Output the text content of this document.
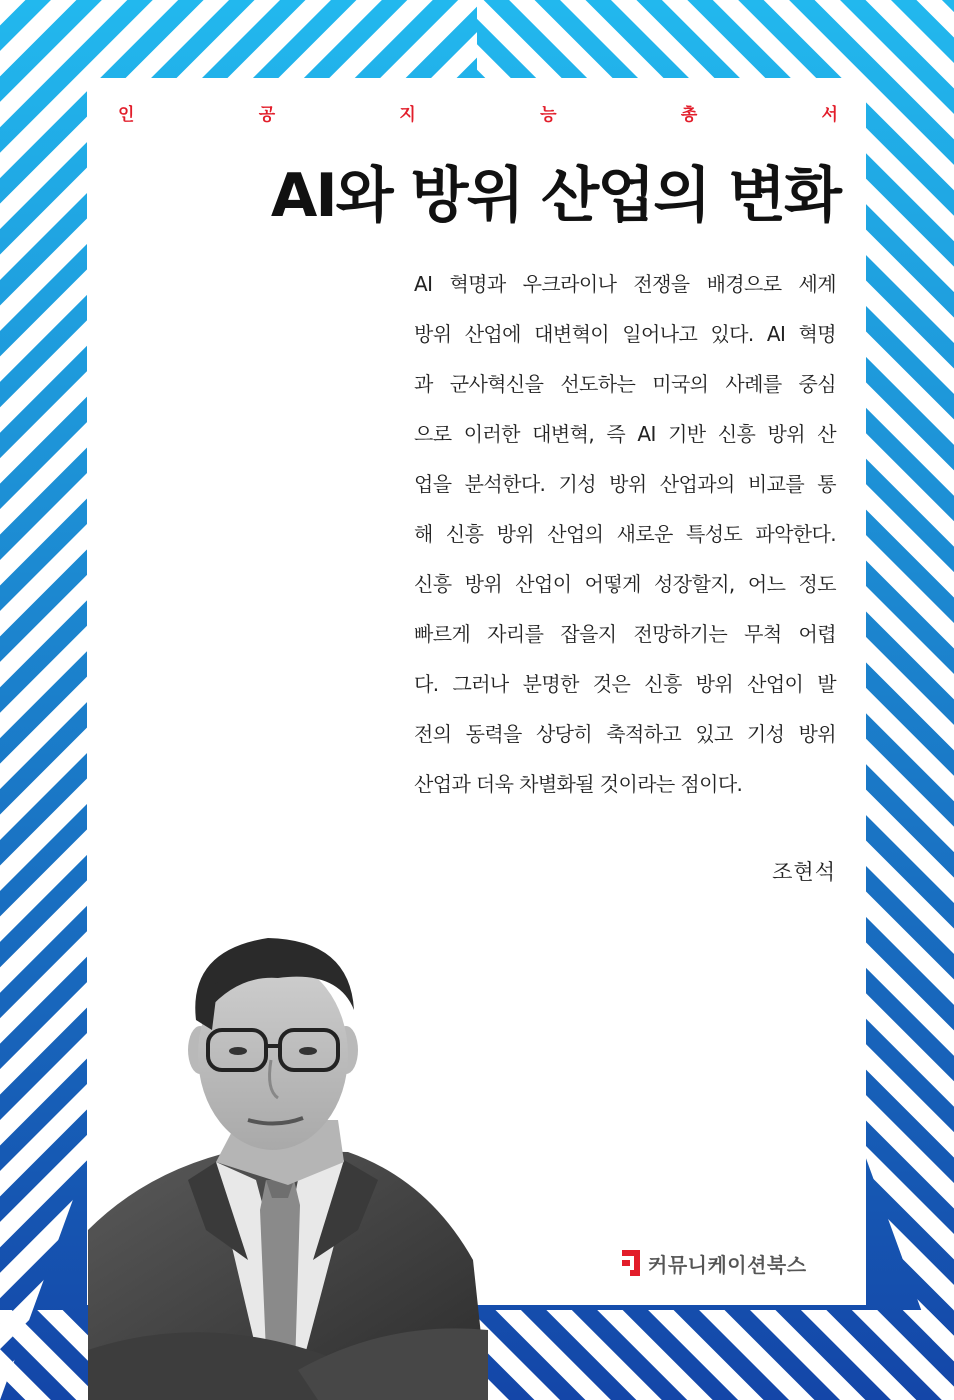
인	공	지	능	총	서
AI와 방위 산업의 변화
AI 혁명과 우크라이나 전쟁을 배경으로 세계
방위 산업에 대변혁이 일어나고 있다. AI 혁명
과 군사혁신을 선도하는 미국의 사례를 중심
으로 이러한 대변혁, 즉 AI 기반 신흥 방위 산
업을 분석한다. 기성 방위 산업과의 비교를 통
해 신흥 방위 산업의 새로운 특성도 파악한다.
신흥 방위 산업이 어떻게 성장할지, 어느 정도
빠르게 자리를 잡을지 전망하기는 무척 어렵
다. 그러나 분명한 것은 신흥 방위 산업이 발
전의 동력을 상당히 축적하고 있고 기성 방위
산업과 더욱 차별화될 것이라는 점이다.
조현석
커뮤니케이션북스
